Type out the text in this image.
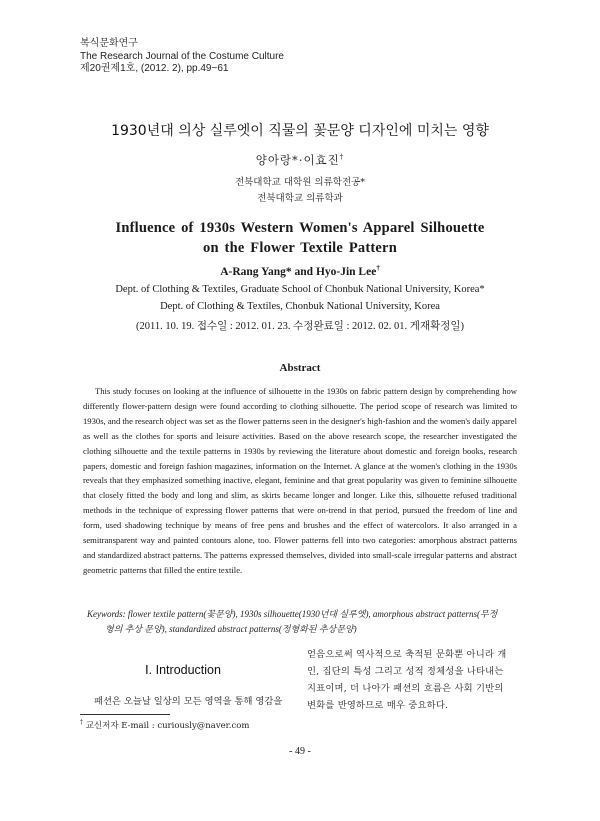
복식문화연구
The Research Journal of the Costume Culture
제20권제1호, (2012. 2), pp.49~61
1930년대 의상 실루엣이 직물의 꽃문양 디자인에 미치는 영향
양아랑*·이효진†
전북대학교 대학원 의류학전공*
전북대학교 의류학과
Influence of 1930s Western Women's Apparel Silhouette
on the Flower Textile Pattern
A-Rang Yang* and Hyo-Jin Lee†
Dept. of Clothing & Textiles, Graduate School of Chonbuk National University, Korea*
Dept. of Clothing & Textiles, Chonbuk National University, Korea
(2011. 10. 19. 접수일 : 2012. 01. 23. 수정완료일 : 2012. 02. 01. 게재확정일)
Abstract

This study focuses on looking at the influence of silhouette in the 1930s on fabric pattern design by comprehending how differently flower-pattern design were found according to clothing silhouette. The period scope of research was limited to 1930s, and the research object was set as the flower patterns seen in the designer's high-fashion and the women's daily apparel as well as the clothes for sports and leisure activities. Based on the above research scope, the researcher investigated the clothing silhouette and the textile patterns in 1930s by reviewing the literature about domestic and foreign books, research papers, domestic and foreign fashion magazines, information on the Internet. A glance at the women's clothing in the 1930s reveals that they emphasized something inactive, elegant, feminine and that great popularity was given to feminine silhouette that closely fitted the body and long and slim, as skirts became longer and longer. Like this, silhouette refused traditional methods in the technique of expressing flower patterns that were on-trend in that period, pursued the freedom of line and form, used shadowing technique by means of free pens and brushes and the effect of watercolors. It also arranged in a semitransparent way and painted contours alone, too. Flower patterns fell into two categories: amorphous abstract patterns and standardized abstract patterns. The patterns expressed themselves, divided into small-scale irregular patterns and abstract geometric patterns that filled the entire textile.

Keywords: flower textile pattern(꽃문양), 1930s silhouette(1930년대 실루엣), amorphous abstract patterns(무정
형의 추상 문양), standardized abstract patterns(정형화된 추상문양)
Ⅰ. Introduction
패션은 오늘날 일상의 모든 영역을 통해 영감을
얻음으로써 역사적으로 축적된 문화뿐 아니라 개
인, 집단의 특성 그리고 성적 정체성을 나타내는
지표이며, 더 나아가 패션의 흐름은 사회 기반의
변화를 반영하므로 매우 중요하다.
† 교신저자 E-mail : curiously@naver.com
- 49 -
